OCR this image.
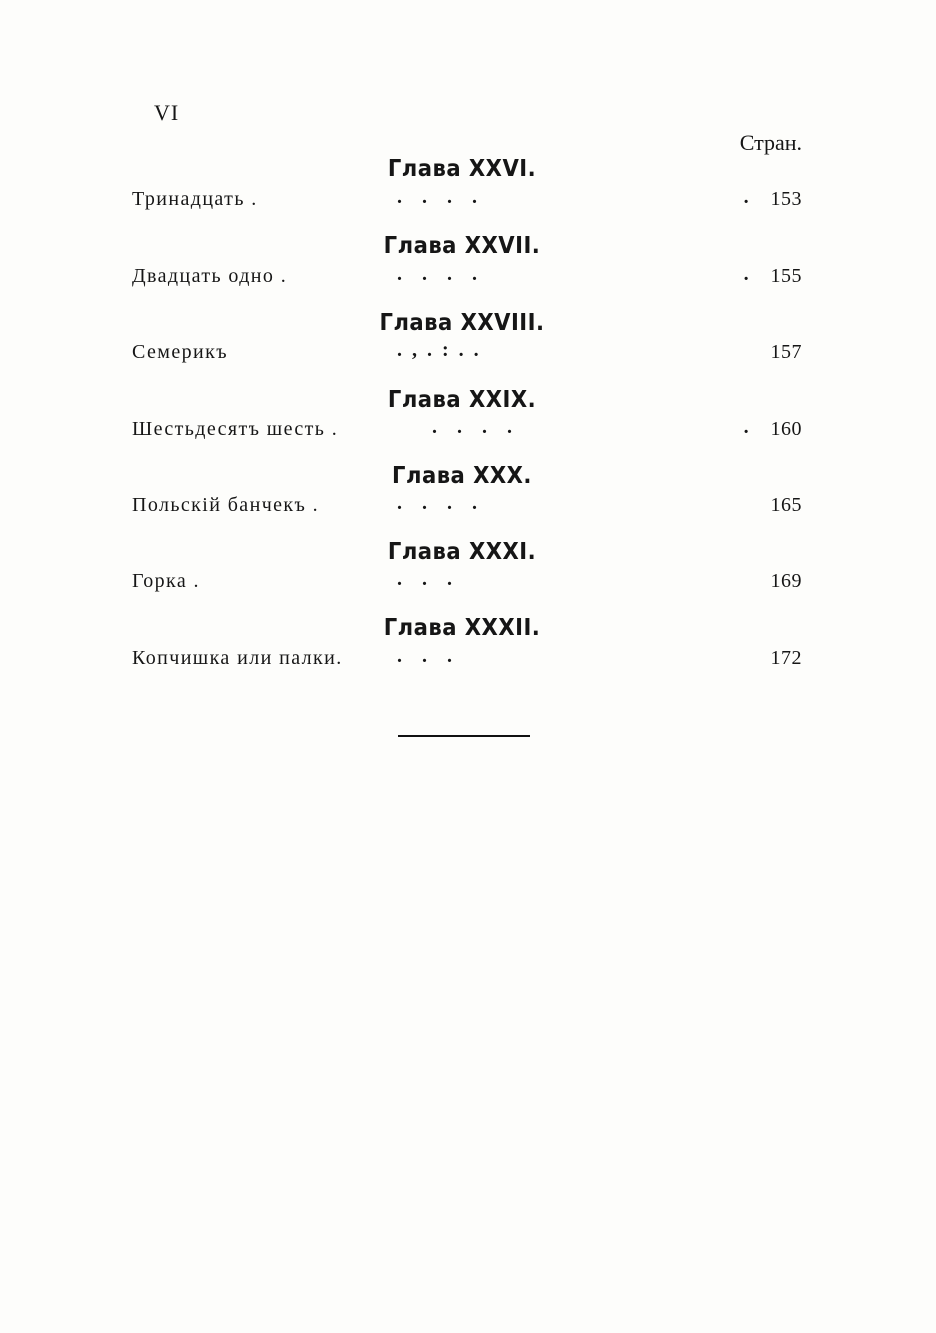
VI
Стран.
Глава XXVI.
Тринадцать .	.    .    .    .	. 153
Глава XXVII.
Двадцать одно .	.    .    .    .	. 155
Глава XXVIII.
Семерикъ	.  ,  .  :  .  .	157
Глава XXIX.
Шестьдесятъ шесть .	.    .    .    .	. 160
Глава XXX.
Польскій банчекъ .	.    .    .    .	165
Глава XXXI.
Горка .	.    .    .	169
Глава XXXII.
Копчишка или палки.	.    .    .	172
